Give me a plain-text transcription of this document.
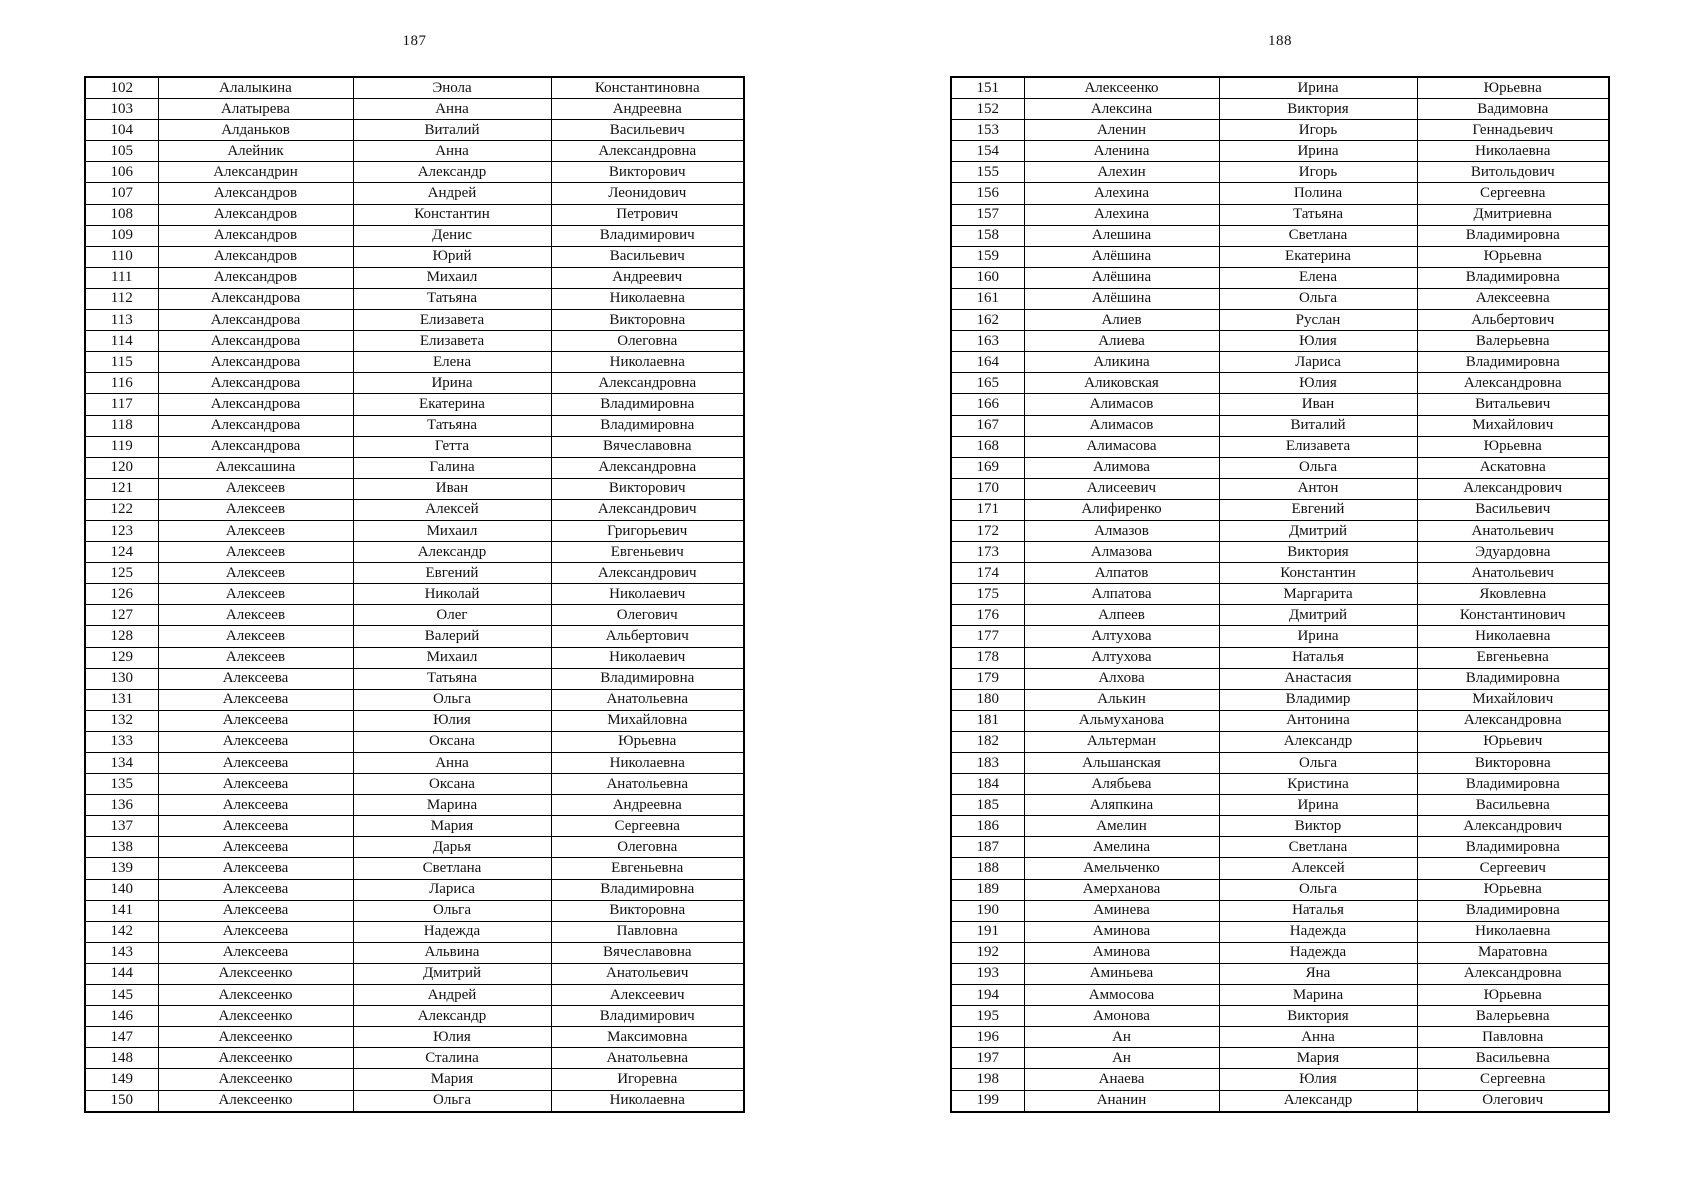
187
102	Алалыкина	Энола	Константиновна
103	Алатырева	Анна	Андреевна
104	Алданьков	Виталий	Васильевич
105	Алейник	Анна	Александровна
106	Александрин	Александр	Викторович
107	Александров	Андрей	Леонидович
108	Александров	Константин	Петрович
109	Александров	Денис	Владимирович
110	Александров	Юрий	Васильевич
111	Александров	Михаил	Андреевич
112	Александрова	Татьяна	Николаевна
113	Александрова	Елизавета	Викторовна
114	Александрова	Елизавета	Олеговна
115	Александрова	Елена	Николаевна
116	Александрова	Ирина	Александровна
117	Александрова	Екатерина	Владимировна
118	Александрова	Татьяна	Владимировна
119	Александрова	Гетта	Вячеславовна
120	Алексашина	Галина	Александровна
121	Алексеев	Иван	Викторович
122	Алексеев	Алексей	Александрович
123	Алексеев	Михаил	Григорьевич
124	Алексеев	Александр	Евгеньевич
125	Алексеев	Евгений	Александрович
126	Алексеев	Николай	Николаевич
127	Алексеев	Олег	Олегович
128	Алексеев	Валерий	Альбертович
129	Алексеев	Михаил	Николаевич
130	Алексеева	Татьяна	Владимировна
131	Алексеева	Ольга	Анатольевна
132	Алексеева	Юлия	Михайловна
133	Алексеева	Оксана	Юрьевна
134	Алексеева	Анна	Николаевна
135	Алексеева	Оксана	Анатольевна
136	Алексеева	Марина	Андреевна
137	Алексеева	Мария	Сергеевна
138	Алексеева	Дарья	Олеговна
139	Алексеева	Светлана	Евгеньевна
140	Алексеева	Лариса	Владимировна
141	Алексеева	Ольга	Викторовна
142	Алексеева	Надежда	Павловна
143	Алексеева	Альвина	Вячеславовна
144	Алексеенко	Дмитрий	Анатольевич
145	Алексеенко	Андрей	Алексеевич
146	Алексеенко	Александр	Владимирович
147	Алексеенко	Юлия	Максимовна
148	Алексеенко	Сталина	Анатольевна
149	Алексеенко	Мария	Игоревна
150	Алексеенко	Ольга	Николаевна
188
151	Алексеенко	Ирина	Юрьевна
152	Алексина	Виктория	Вадимовна
153	Аленин	Игорь	Геннадьевич
154	Аленина	Ирина	Николаевна
155	Алехин	Игорь	Витольдович
156	Алехина	Полина	Сергеевна
157	Алехина	Татьяна	Дмитриевна
158	Алешина	Светлана	Владимировна
159	Алёшина	Екатерина	Юрьевна
160	Алёшина	Елена	Владимировна
161	Алёшина	Ольга	Алексеевна
162	Алиев	Руслан	Альбертович
163	Алиева	Юлия	Валерьевна
164	Аликина	Лариса	Владимировна
165	Аликовская	Юлия	Александровна
166	Алимасов	Иван	Витальевич
167	Алимасов	Виталий	Михайлович
168	Алимасова	Елизавета	Юрьевна
169	Алимова	Ольга	Аскатовна
170	Алисеевич	Антон	Александрович
171	Алифиренко	Евгений	Васильевич
172	Алмазов	Дмитрий	Анатольевич
173	Алмазова	Виктория	Эдуардовна
174	Алпатов	Константин	Анатольевич
175	Алпатова	Маргарита	Яковлевна
176	Алпеев	Дмитрий	Константинович
177	Алтухова	Ирина	Николаевна
178	Алтухова	Наталья	Евгеньевна
179	Алхова	Анастасия	Владимировна
180	Алькин	Владимир	Михайлович
181	Альмуханова	Антонина	Александровна
182	Альтерман	Александр	Юрьевич
183	Альшанская	Ольга	Викторовна
184	Алябьева	Кристина	Владимировна
185	Аляпкина	Ирина	Васильевна
186	Амелин	Виктор	Александрович
187	Амелина	Светлана	Владимировна
188	Амельченко	Алексей	Сергеевич
189	Амерханова	Ольга	Юрьевна
190	Аминева	Наталья	Владимировна
191	Аминова	Надежда	Николаевна
192	Аминова	Надежда	Маратовна
193	Аминьева	Яна	Александровна
194	Аммосова	Марина	Юрьевна
195	Амонова	Виктория	Валерьевна
196	Ан	Анна	Павловна
197	Ан	Мария	Васильевна
198	Анаева	Юлия	Сергеевна
199	Ананин	Александр	Олегович
